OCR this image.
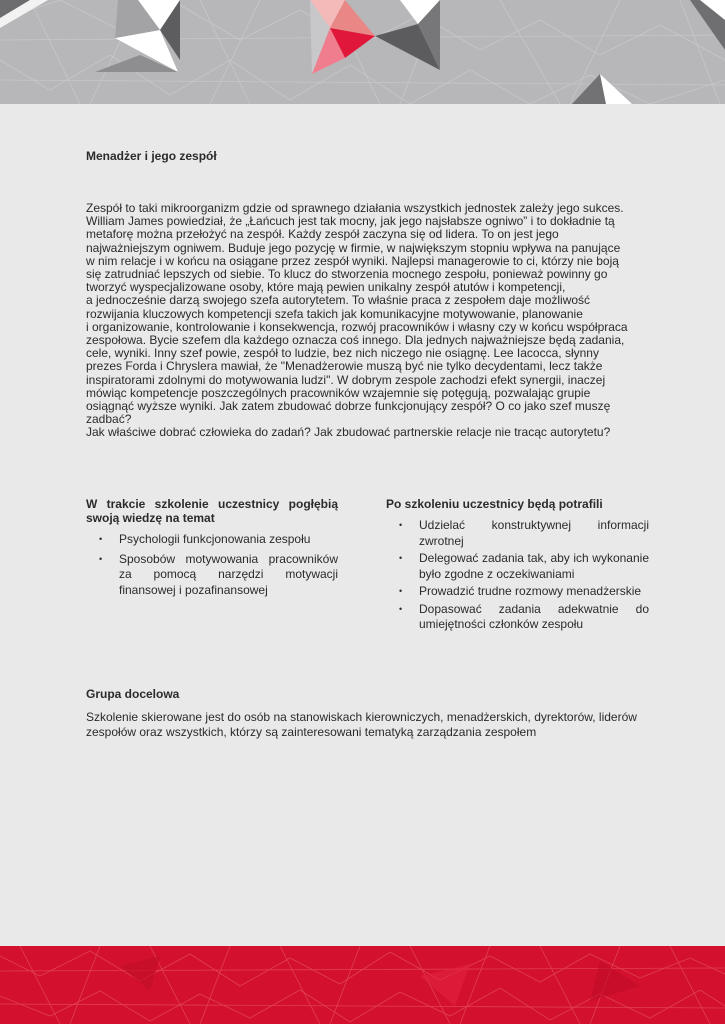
Menadżer i jego zespół

Zespół to taki mikroorganizm gdzie od sprawnego działania wszystkich jednostek zależy jego sukces.
William James powiedział, że „Łańcuch jest tak mocny, jak jego najsłabsze ogniwo” i to dokładnie tą
metaforę można przełożyć na zespół. Każdy zespół zaczyna się od lidera. To on jest jego
najważniejszym ogniwem. Buduje jego pozycję w firmie, w największym stopniu wpływa na panujące
w nim relacje i w końcu na osiągane przez zespół wyniki. Najlepsi managerowie to ci, którzy nie boją
się zatrudniać lepszych od siebie. To klucz do stworzenia mocnego zespołu, ponieważ powinny go
tworzyć wyspecjalizowane osoby, które mają pewien unikalny zespół atutów i kompetencji,
a jednocześnie darzą swojego szefa autorytetem. To właśnie praca z zespołem daje możliwość
rozwijania kluczowych kompetencji szefa takich jak komunikacyjne motywowanie, planowanie
i organizowanie, kontrolowanie i konsekwencja, rozwój pracowników i własny czy w końcu współpraca
zespołowa. Bycie szefem dla każdego oznacza coś innego. Dla jednych najważniejsze będą zadania,
cele, wyniki. Inny szef powie, zespół to ludzie, bez nich niczego nie osiągnę. Lee Iacocca, słynny
prezes Forda i Chryslera mawiał, że "Menadżerowie muszą być nie tylko decydentami, lecz także
inspiratorami zdolnymi do motywowania ludzi". W dobrym zespole zachodzi efekt synergii, inaczej
mówiąc kompetencje poszczególnych pracowników wzajemnie się potęgują, pozwalając grupie
osiągnąć wyższe wyniki. Jak zatem zbudować dobrze funkcjonujący zespół? O co jako szef muszę
zadbać?
Jak właściwe dobrać człowieka do zadań? Jak zbudować partnerskie relacje nie tracąc autorytetu?

W trakcie szkolenie uczestnicy pogłębią swoją wiedzę na temat
• Psychologii funkcjonowania zespołu
• Sposobów motywowania pracowników za pomocą narzędzi motywacji finansowej i pozafinansowej
Po szkoleniu uczestnicy będą potrafili
• Udzielać konstruktywnej informacji zwrotnej
• Delegować zadania tak, aby ich wykonanie było zgodne z oczekiwaniami
• Prowadzić trudne rozmowy menadżerskie
• Dopasować zadania adekwatnie do umiejętności członków zespołu
Grupa docelowa

Szkolenie skierowane jest do osób na stanowiskach kierowniczych, menadżerskich, dyrektorów, liderów zespołów oraz wszystkich, którzy są zainteresowani tematyką zarządzania zespołem
